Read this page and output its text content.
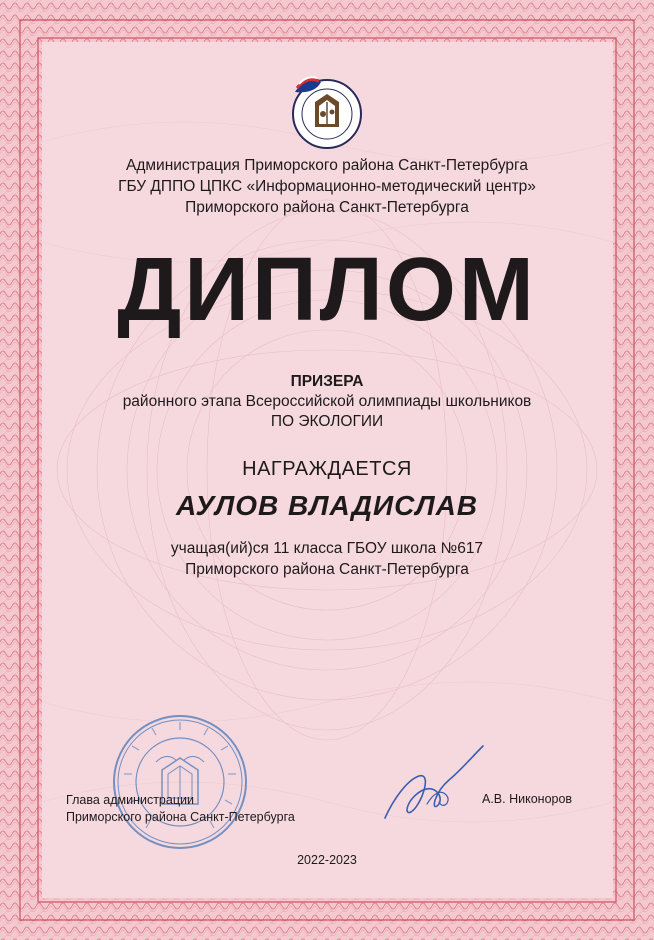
Администрация Приморского района Санкт-Петербурга
ГБУ ДППО ЦПКС «Информационно-методический центр»
Приморского района Санкт-Петербурга
ДИПЛОМ
ПРИЗЕРА
районного этапа Всероссийской олимпиады школьников
ПО ЭКОЛОГИИ
НАГРАЖДАЕТСЯ
АУЛОВ ВЛАДИСЛАВ
учащая(ий)ся 11 класса ГБОУ школа №617
Приморского района Санкт-Петербурга
Глава администрации
Приморского района Санкт-Петербурга
А.В. Никоноров
2022-2023
